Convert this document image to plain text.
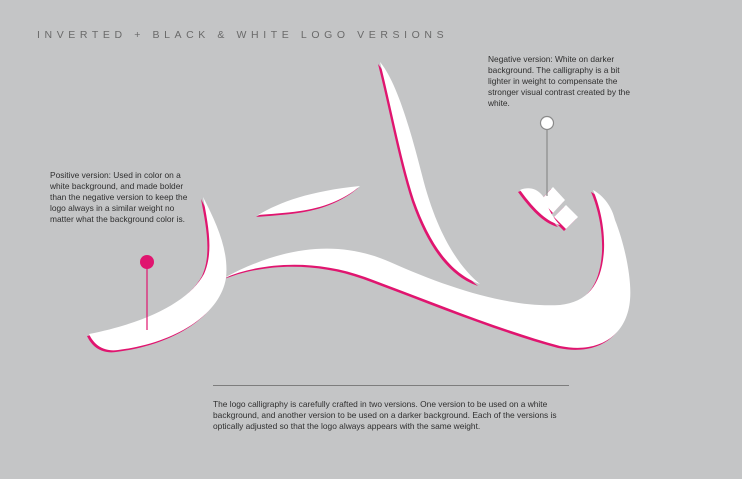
INVERTED + BLACK & WHITE LOGO VERSIONS
Negative version: White on darker background. The calligraphy is a bit lighter in weight to compensate the stronger visual contrast created by the white.
Positive version: Used in color on a white background, and made bolder than the negative version to keep the logo always in a similar weight no matter what the background color is.
The logo calligraphy is carefully crafted in two versions. One version to be used on a white background, and another version to be used on a darker background. Each of the versions is optically adjusted so that the logo always appears with the same weight.
